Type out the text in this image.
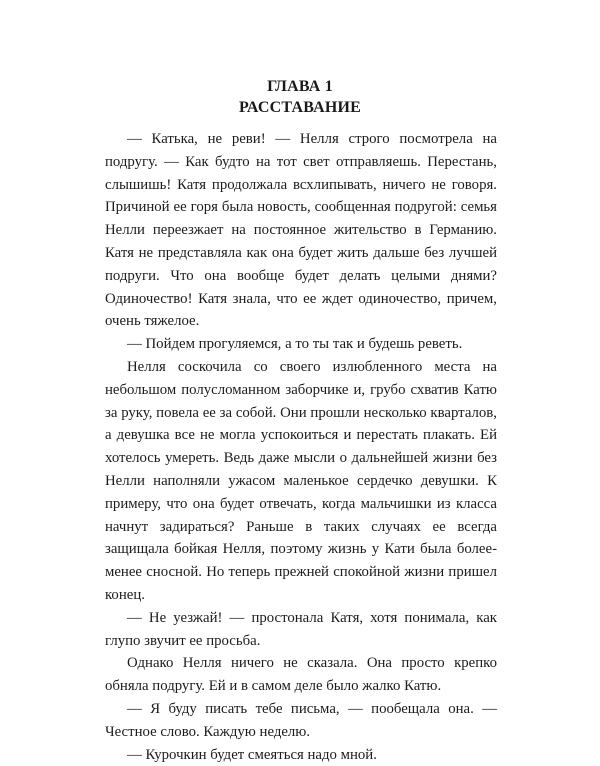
ГЛАВА 1
РАССТАВАНИЕ

— Катька, не реви! — Нелля строго посмотрела на подругу. — Как будто на тот свет отправляешь. Перестань, слышишь! Катя продолжала всхлипывать, ничего не говоря. Причиной ее горя была новость, сообщенная подругой: семья Нелли переезжает на постоянное жительство в Германию. Катя не представляла как она будет жить дальше без лучшей подруги. Что она вообще будет делать целыми днями? Одиночество! Катя знала, что ее ждет одиночество, причем, очень тяжелое.

— Пойдем прогуляемся, а то ты так и будешь реветь.

Нелля соскочила со своего излюбленного места на небольшом полусломанном заборчике и, грубо схватив Катю за руку, повела ее за собой. Они прошли несколько кварталов, а девушка все не могла успокоиться и перестать плакать. Ей хотелось умереть. Ведь даже мысли о дальнейшей жизни без Нелли наполняли ужасом маленькое сердечко девушки. К примеру, что она будет отвечать, когда мальчишки из класса начнут задираться? Раньше в таких случаях ее всегда защищала бойкая Нелля, поэтому жизнь у Кати была более-менее сносной. Но теперь прежней спокойной жизни пришел конец.

— Не уезжай! — простонала Катя, хотя понимала, как глупо звучит ее просьба.

Однако Нелля ничего не сказала. Она просто крепко обняла подругу. Ей и в самом деле было жалко Катю.

— Я буду писать тебе письма, — пообещала она. — Честное слово. Каждую неделю.

— Курочкин будет смеяться надо мной.
